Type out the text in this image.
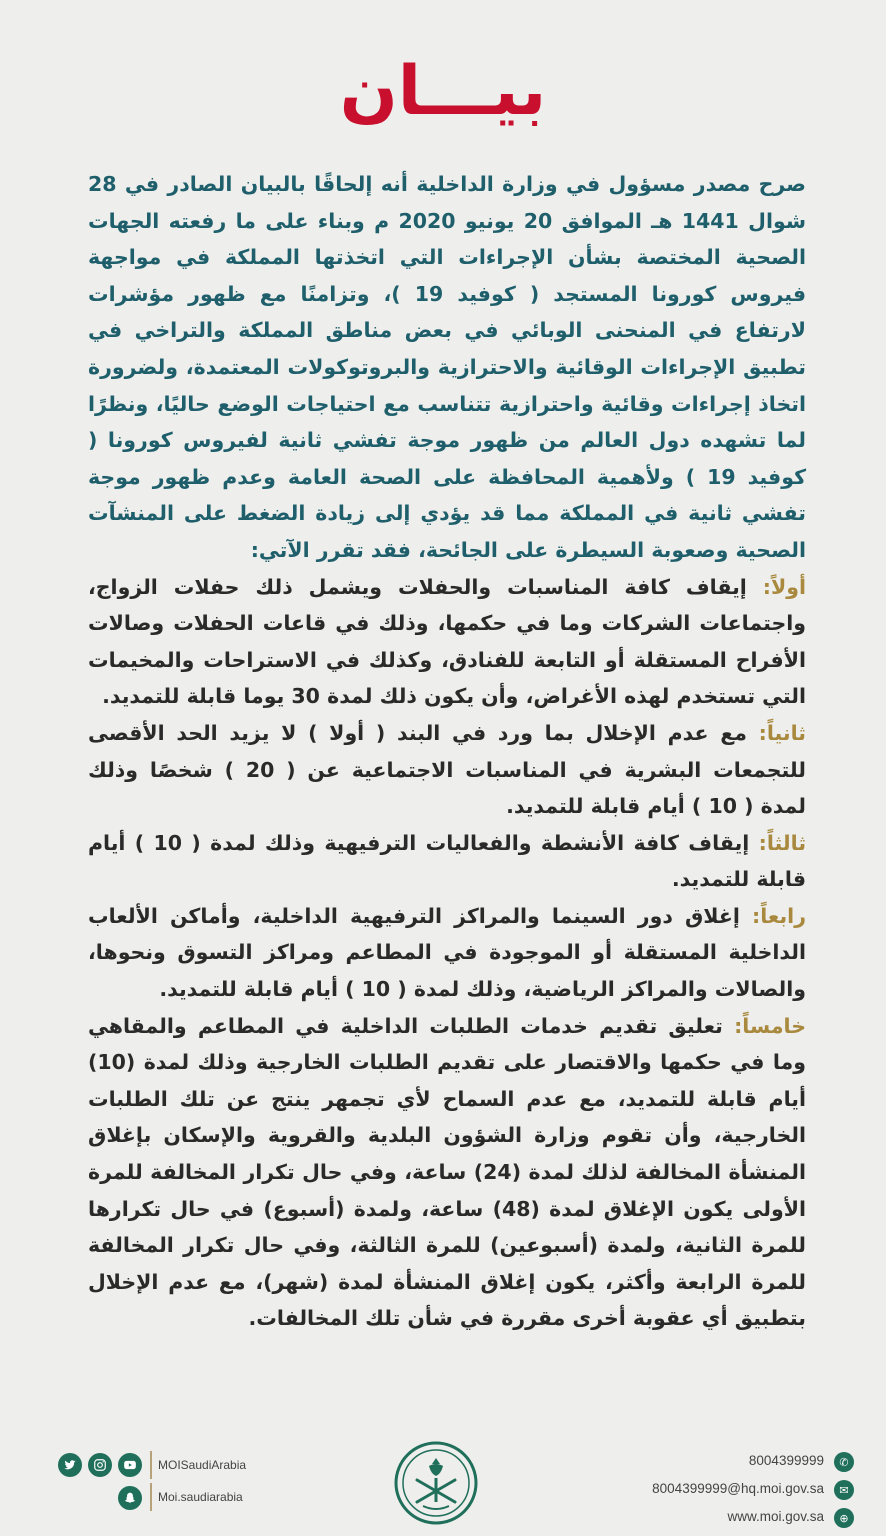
بيـــان

صرح مصدر مسؤول في وزارة الداخلية أنه إلحاقًا بالبيان الصادر في 28 شوال 1441 هـ الموافق 20 يونيو 2020 م وبناء على ما رفعته الجهات الصحية المختصة بشأن الإجراءات التي اتخذتها المملكة في مواجهة فيروس كورونا المستجد ( كوفيد 19 )، وتزامنًا مع ظهور مؤشرات لارتفاع في المنحنى الوبائي في بعض مناطق المملكة والتراخي في تطبيق الإجراءات الوقائية والاحترازية والبروتوكولات المعتمدة، ولضرورة اتخاذ إجراءات وقائية واحترازية تتناسب مع احتياجات الوضع حاليًا، ونظرًا لما تشهده دول العالم من ظهور موجة تفشي ثانية لفيروس كورونا ( كوفيد 19 ) ولأهمية المحافظة على الصحة العامة وعدم ظهور موجة تفشي ثانية في المملكة مما قد يؤدي إلى زيادة الضغط على المنشآت الصحية وصعوبة السيطرة على الجائحة، فقد تقرر الآتي:

أولاً: إيقاف كافة المناسبات والحفلات ويشمل ذلك حفلات الزواج، واجتماعات الشركات وما في حكمها، وذلك في قاعات الحفلات وصالات الأفراح المستقلة أو التابعة للفنادق، وكذلك في الاستراحات والمخيمات التي تستخدم لهذه الأغراض، وأن يكون ذلك لمدة 30 يوما قابلة للتمديد.

ثانياً: مع عدم الإخلال بما ورد في البند ( أولا ) لا يزيد الحد الأقصى للتجمعات البشرية في المناسبات الاجتماعية عن ( 20 ) شخصًا وذلك لمدة ( 10 ) أيام قابلة للتمديد.

ثالثاً: إيقاف كافة الأنشطة والفعاليات الترفيهية وذلك لمدة ( 10 ) أيام قابلة للتمديد.

رابعاً: إغلاق دور السينما والمراكز الترفيهية الداخلية، وأماكن الألعاب الداخلية المستقلة أو الموجودة في المطاعم ومراكز التسوق ونحوها، والصالات والمراكز الرياضية، وذلك لمدة ( 10 ) أيام قابلة للتمديد.

خامساً: تعليق تقديم خدمات الطلبات الداخلية في المطاعم والمقاهي وما في حكمها والاقتصار على تقديم الطلبات الخارجية وذلك لمدة (10) أيام قابلة للتمديد، مع عدم السماح لأي تجمهر ينتج عن تلك الطلبات الخارجية، وأن تقوم وزارة الشؤون البلدية والقروية والإسكان بإغلاق المنشأة المخالفة لذلك لمدة (24) ساعة، وفي حال تكرار المخالفة للمرة الأولى يكون الإغلاق لمدة (48) ساعة، ولمدة (أسبوع) في حال تكرارها للمرة الثانية، ولمدة (أسبوعين) للمرة الثالثة، وفي حال تكرار المخالفة للمرة الرابعة وأكثر، يكون إغلاق المنشأة لمدة (شهر)، مع عدم الإخلال بتطبيق أي عقوبة أخرى مقررة في شأن تلك المخالفات.

MOISaudiArabia
Moi.saudiarabia
8004399999	✆
8004399999@hq.moi.gov.sa	✉
www.moi.gov.sa	⊕
